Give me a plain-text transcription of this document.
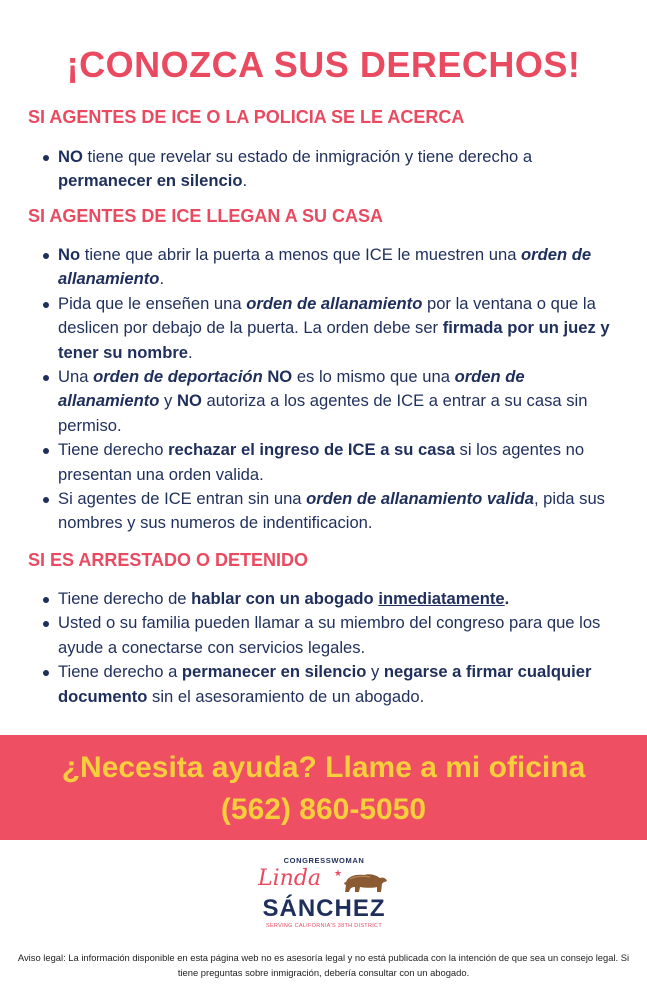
¡CONOZCA SUS DERECHOS!
SI AGENTES DE ICE O LA POLICIA SE LE ACERCA
NO tiene que revelar su estado de inmigración y tiene derecho a permanecer en silencio.
SI AGENTES DE ICE LLEGAN A SU CASA
No tiene que abrir la puerta a menos que ICE le muestren una orden de allanamiento.
Pida que le enseñen una orden de allanamiento por la ventana o que la deslicen por debajo de la puerta. La orden debe ser firmada por un juez y tener su nombre.
Una orden de deportación NO es lo mismo que una orden de allanamiento y NO autoriza a los agentes de ICE a entrar a su casa sin permiso.
Tiene derecho rechazar el ingreso de ICE a su casa si los agentes no presentan una orden valida.
Si agentes de ICE entran sin una orden de allanamiento valida, pida sus nombres y sus numeros de indentificacion.
SI ES ARRESTADO O DETENIDO
Tiene derecho de hablar con un abogado inmediatamente.
Usted o su familia pueden llamar a su miembro del congreso para que los ayude a conectarse con servicios legales.
Tiene derecho a permanecer en silencio y negarse a firmar cualquier documento sin el asesoramiento de un abogado.

¿Necesita ayuda? Llame a mi oficina

(562) 860-5050

CONGRESSWOMAN
Linda ★
SÁNCHEZ
SERVING CALIFORNIA'S 38TH DISTRICT

Aviso legal: La información disponible en esta página web no es asesoría legal y no está publicada con la intención de que sea un consejo legal. Si tiene preguntas sobre inmigración, debería consultar con un abogado.
